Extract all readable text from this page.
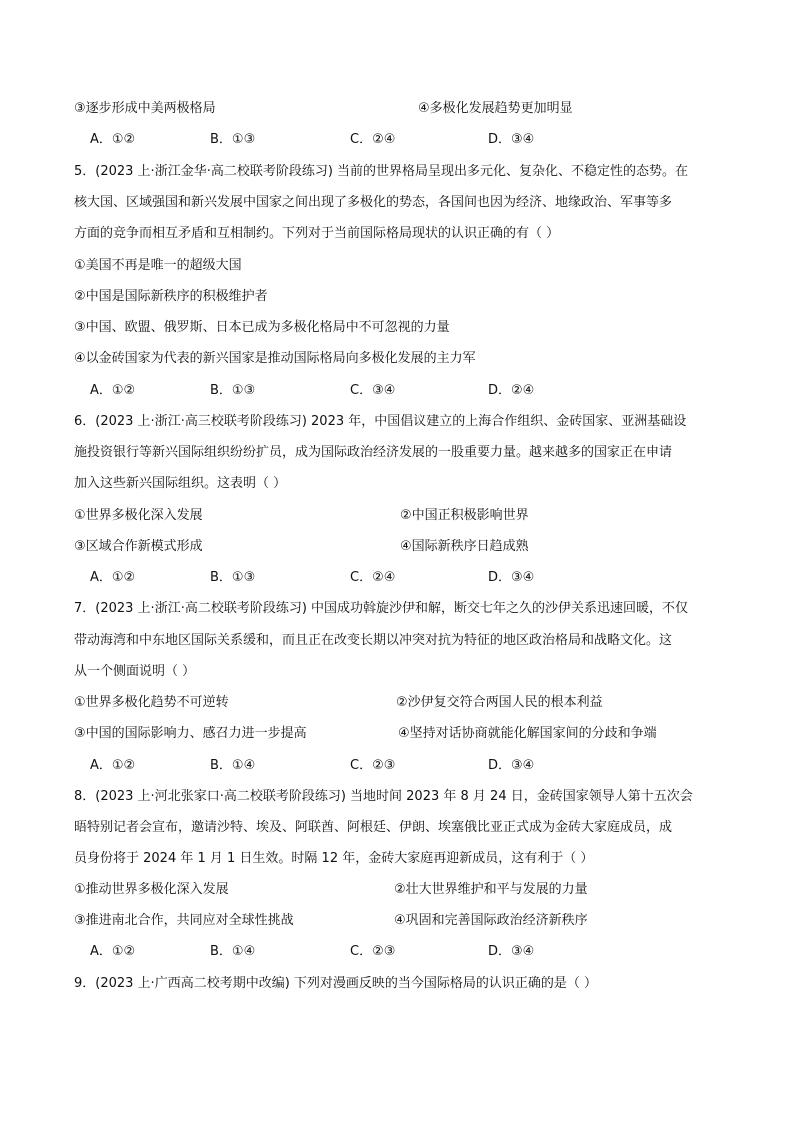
③逐步形成中美两极格局	④多极化发展趋势更加明显
A．①②	B．①③	C．②④	D．③④
5．(2023 上·浙江金华·高二校联考阶段练习) 当前的世界格局呈现出多元化、复杂化、不稳定性的态势。在
核大国、区域强国和新兴发展中国家之间出现了多极化的势态，各国间也因为经济、地缘政治、军事等多
方面的竞争而相互矛盾和互相制约。下列对于当前国际格局现状的认识正确的有（ ）
①美国不再是唯一的超级大国
②中国是国际新秩序的积极维护者
③中国、欧盟、俄罗斯、日本已成为多极化格局中不可忽视的力量
④以金砖国家为代表的新兴国家是推动国际格局向多极化发展的主力军
A．①②	B．①③	C．③④	D．②④
6．(2023 上·浙江·高三校联考阶段练习) 2023 年，中国倡议建立的上海合作组织、金砖国家、亚洲基础设
施投资银行等新兴国际组织纷纷扩员，成为国际政治经济发展的一股重要力量。越来越多的国家正在申请
加入这些新兴国际组织。这表明（ ）
①世界多极化深入发展	②中国正积极影响世界
③区域合作新模式形成	④国际新秩序日趋成熟
A．①②	B．①③	C．②④	D．③④
7．(2023 上·浙江·高二校联考阶段练习) 中国成功斡旋沙伊和解，断交七年之久的沙伊关系迅速回暖，不仅
带动海湾和中东地区国际关系缓和，而且正在改变长期以冲突对抗为特征的地区政治格局和战略文化。这
从一个侧面说明（ ）
①世界多极化趋势不可逆转	②沙伊复交符合两国人民的根本利益
③中国的国际影响力、感召力进一步提高	④坚持对话协商就能化解国家间的分歧和争端
A．①②	B．①④	C．②③	D．③④
8．(2023 上·河北张家口·高二校联考阶段练习) 当地时间 2023 年 8 月 24 日，金砖国家领导人第十五次会
晤特别记者会宣布，邀请沙特、埃及、阿联酋、阿根廷、伊朗、埃塞俄比亚正式成为金砖大家庭成员，成
员身份将于 2024 年 1 月 1 日生效。时隔 12 年，金砖大家庭再迎新成员，这有利于（ ）
①推动世界多极化深入发展	②壮大世界维护和平与发展的力量
③推进南北合作，共同应对全球性挑战	④巩固和完善国际政治经济新秩序
A．①②	B．①④	C．②③	D．③④
9．(2023 上·广西高二校考期中改编) 下列对漫画反映的当今国际格局的认识正确的是（ ）
